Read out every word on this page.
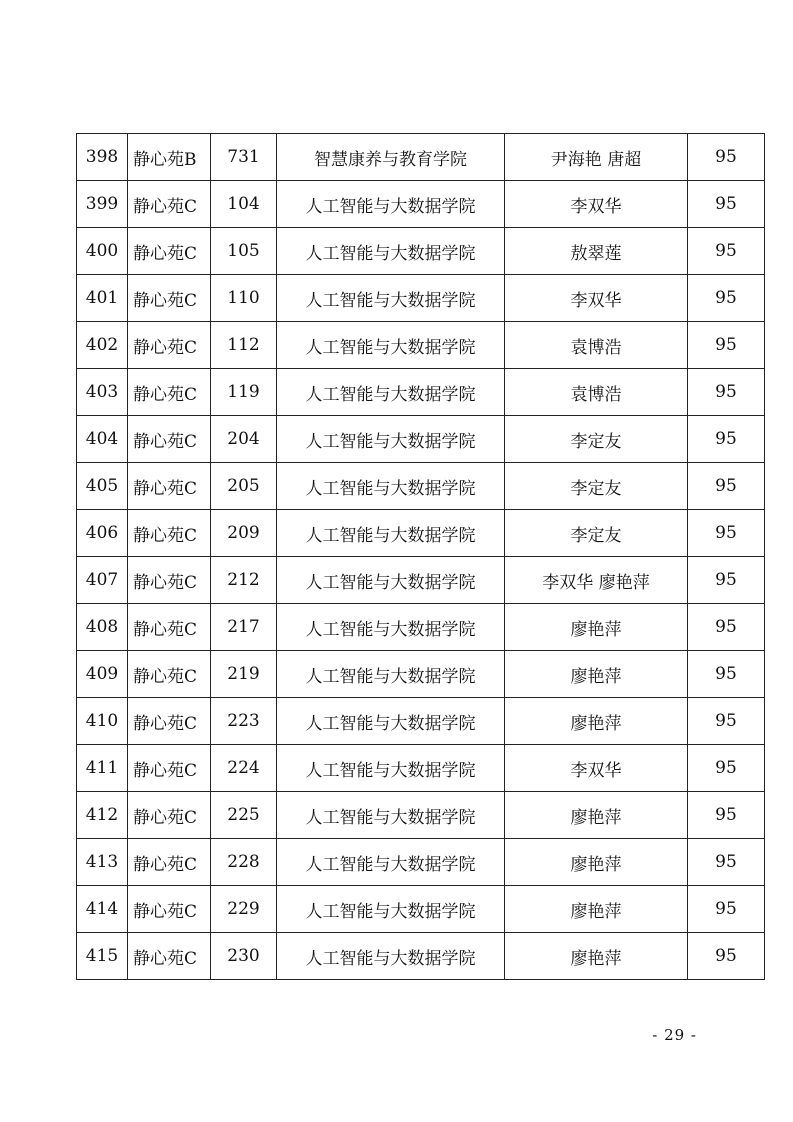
398	静心苑B	731	智慧康养与教育学院	尹海艳 唐超	95
399	静心苑C	104	人工智能与大数据学院	李双华	95
400	静心苑C	105	人工智能与大数据学院	敖翠莲	95
401	静心苑C	110	人工智能与大数据学院	李双华	95
402	静心苑C	112	人工智能与大数据学院	袁博浩	95
403	静心苑C	119	人工智能与大数据学院	袁博浩	95
404	静心苑C	204	人工智能与大数据学院	李定友	95
405	静心苑C	205	人工智能与大数据学院	李定友	95
406	静心苑C	209	人工智能与大数据学院	李定友	95
407	静心苑C	212	人工智能与大数据学院	李双华 廖艳萍	95
408	静心苑C	217	人工智能与大数据学院	廖艳萍	95
409	静心苑C	219	人工智能与大数据学院	廖艳萍	95
410	静心苑C	223	人工智能与大数据学院	廖艳萍	95
411	静心苑C	224	人工智能与大数据学院	李双华	95
412	静心苑C	225	人工智能与大数据学院	廖艳萍	95
413	静心苑C	228	人工智能与大数据学院	廖艳萍	95
414	静心苑C	229	人工智能与大数据学院	廖艳萍	95
415	静心苑C	230	人工智能与大数据学院	廖艳萍	95
- 29 -
